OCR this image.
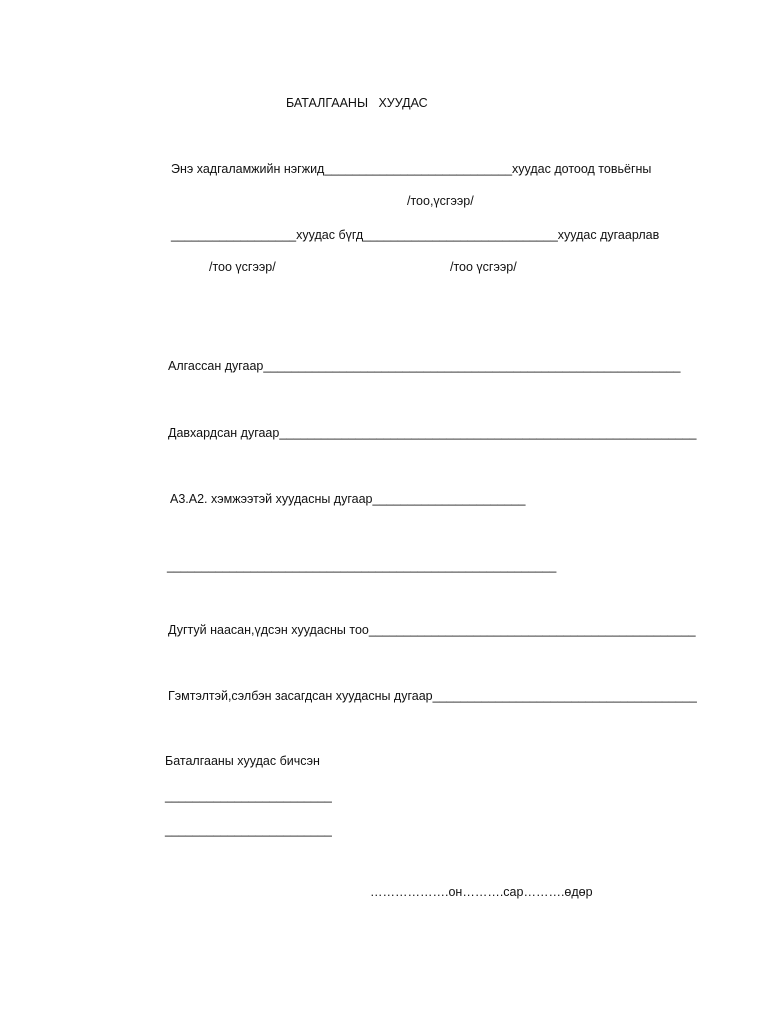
БАТАЛГААНЫ   ХУУДАС
Энэ хадгаламжийн нэгжид___________________________хуудас дотоод товьёгны
/тоо,үсгээр/
__________________хуудас бүгд____________________________хуудас дугаарлав
/тоо үсгээр/	/тоо үсгээр/
Алгассан дугаар____________________________________________________________
Давхардсан дугаар____________________________________________________________
А3.А2. хэмжээтэй хуудасны дугаар______________________
________________________________________________________
Дугтуй наасан,үдсэн хуудасны тоо_______________________________________________
Гэмтэлтэй,сэлбэн засагдсан хуудасны дугаар______________________________________
Баталгааны хуудас бичсэн
________________________
________________________
……………….он……….сар……….өдөр
